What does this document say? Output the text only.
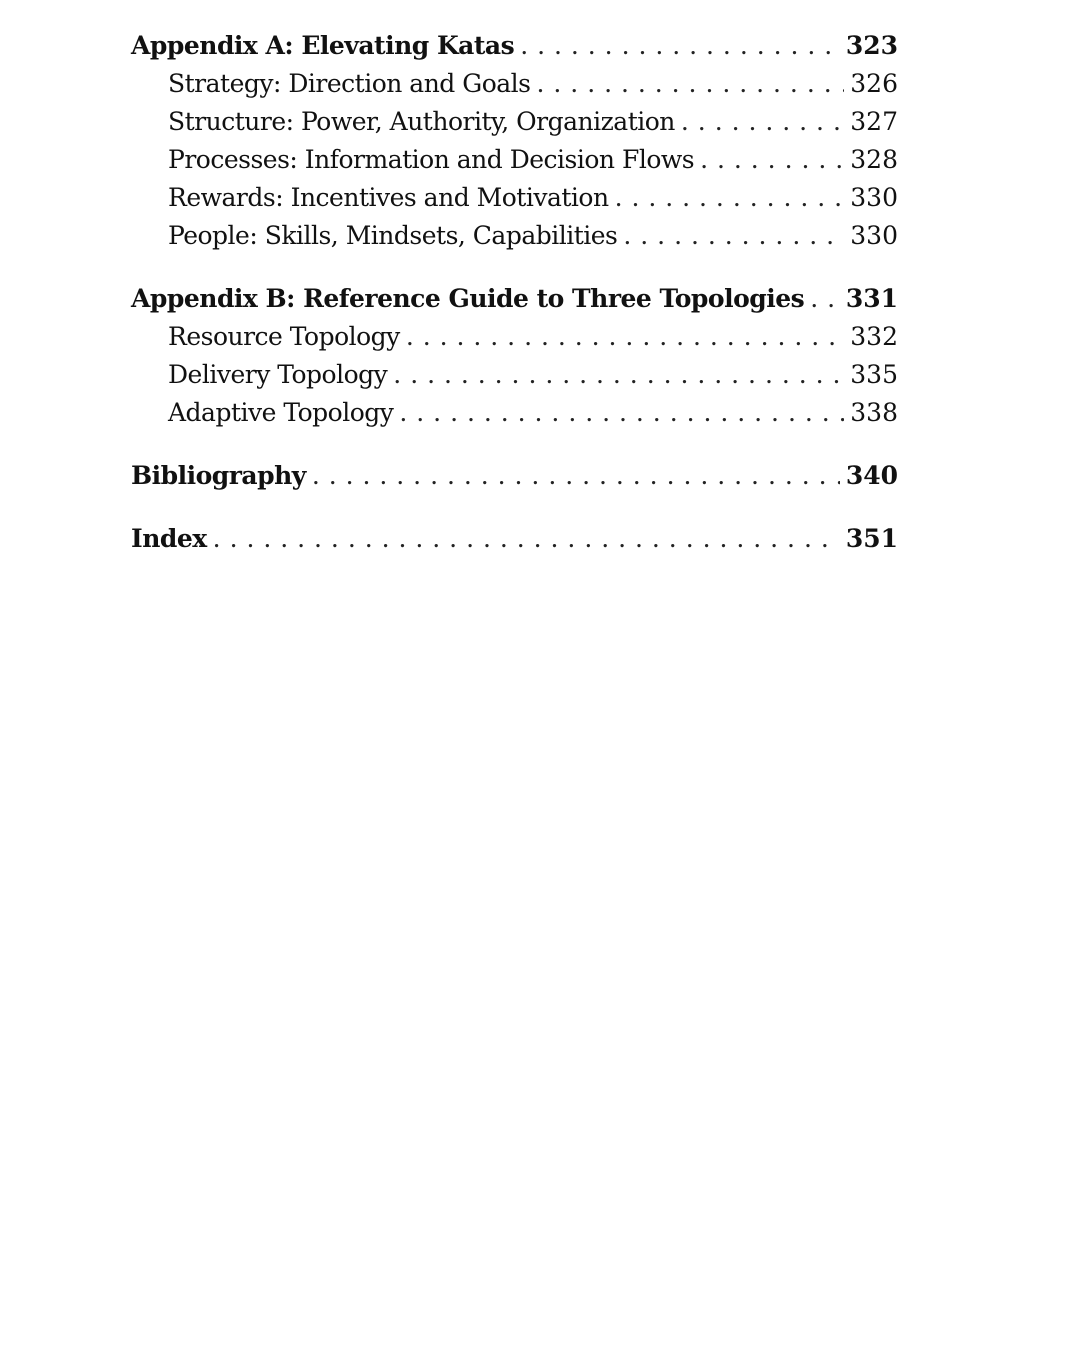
Appendix A: Elevating Katas . . .	323
Strategy: Direction and Goals . . .	326
Structure: Power, Authority, Organization . . .	327
Processes: Information and Decision Flows . . .	328
Rewards: Incentives and Motivation . . .	330
People: Skills, Mindsets, Capabilities . . .	330
Appendix B: Reference Guide to Three Topologies . . . 331
Resource Topology . . .	332
Delivery Topology . . .	335
Adaptive Topology . . .	338
Bibliography . . .	340
Index . . .	351
